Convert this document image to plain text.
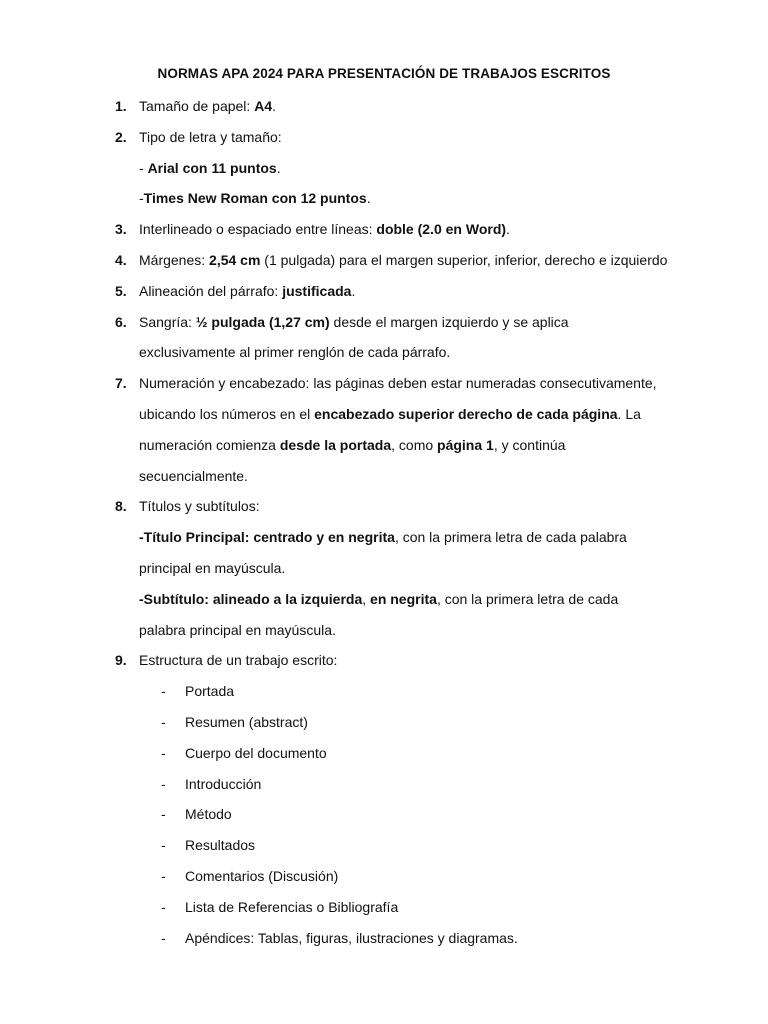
NORMAS APA 2024 PARA PRESENTACIÓN DE TRABAJOS ESCRITOS
1. Tamaño de papel: A4.
2. Tipo de letra y tamaño:
- Arial con 11 puntos.
-Times New Roman con 12 puntos.
3. Interlineado o espaciado entre líneas: doble (2.0 en Word).
4. Márgenes: 2,54 cm (1 pulgada) para el margen superior, inferior, derecho e izquierdo
5. Alineación del párrafo: justificada.
6. Sangría: ½ pulgada (1,27 cm) desde el margen izquierdo y se aplica
exclusivamente al primer renglón de cada párrafo.
7. Numeración y encabezado: las páginas deben estar numeradas consecutivamente,
ubicando los números en el encabezado superior derecho de cada página. La
numeración comienza desde la portada, como página 1, y continúa
secuencialmente.
8. Títulos y subtítulos:
-Título Principal: centrado y en negrita, con la primera letra de cada palabra
principal en mayúscula.
-Subtítulo: alineado a la izquierda, en negrita, con la primera letra de cada
palabra principal en mayúscula.
9. Estructura de un trabajo escrito:
- Portada
- Resumen (abstract)
- Cuerpo del documento
- Introducción
- Método
- Resultados
- Comentarios (Discusión)
- Lista de Referencias o Bibliografía
- Apéndices: Tablas, figuras, ilustraciones y diagramas.
